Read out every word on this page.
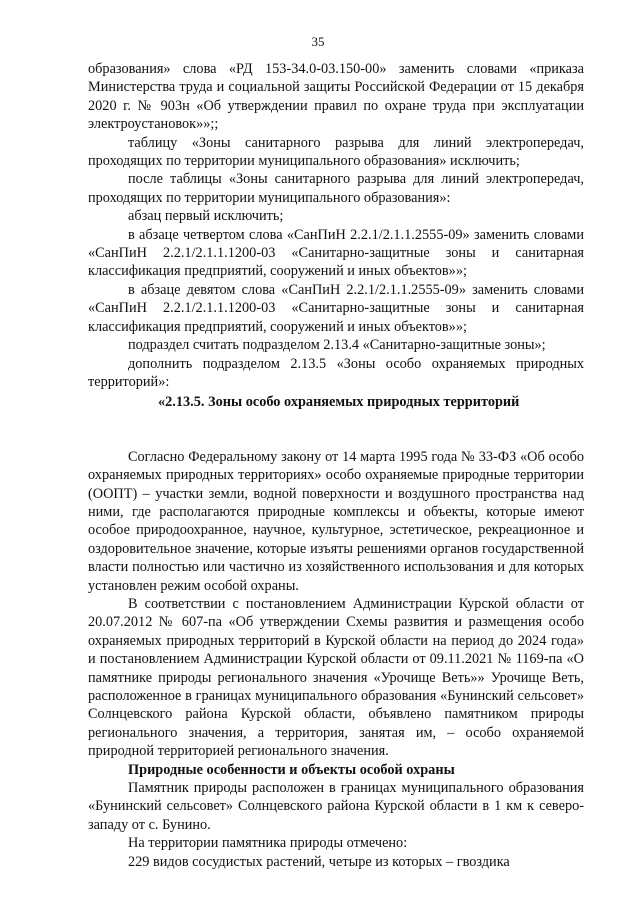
35

образования» слова «РД 153-34.0-03.150-00» заменить словами «приказа Министерства труда и социальной защиты Российской Федерации от 15 декабря 2020 г. № 903н «Об утверждении правил по охране труда при эксплуатации электроустановок»»;;

таблицу «Зоны санитарного разрыва для линий электропередач, проходящих по территории муниципального образования» исключить;

после таблицы «Зоны санитарного разрыва для линий электропередач, проходящих по территории муниципального образования»:

абзац первый исключить;

в абзаце четвертом слова «СанПиН 2.2.1/2.1.1.2555-09» заменить словами «СанПиН 2.2.1/2.1.1.1200-03 «Санитарно-защитные зоны и санитарная классификация предприятий, сооружений и иных объектов»»;

в абзаце девятом слова «СанПиН 2.2.1/2.1.1.2555-09» заменить словами «СанПиН 2.2.1/2.1.1.1200-03 «Санитарно-защитные зоны и санитарная классификация предприятий, сооружений и иных объектов»»;

подраздел считать подразделом 2.13.4 «Санитарно-защитные зоны»;

дополнить подразделом 2.13.5 «Зоны особо охраняемых природных территорий»:

«2.13.5. Зоны особо охраняемых природных территорий

Согласно Федеральному закону от 14 марта 1995 года № 33-ФЗ «Об особо охраняемых природных территориях» особо охраняемые природные территории (ООПТ) – участки земли, водной поверхности и воздушного пространства над ними, где располагаются природные комплексы и объекты, которые имеют особое природоохранное, научное, культурное, эстетическое, рекреационное и оздоровительное значение, которые изъяты решениями органов государственной власти полностью или частично из хозяйственного использования и для которых установлен режим особой охраны.

В соответствии с постановлением Администрации Курской области от 20.07.2012 № 607-па «Об утверждении Схемы развития и размещения особо охраняемых природных территорий в Курской области на период до 2024 года» и постановлением Администрации Курской области от 09.11.2021 № 1169-па «О памятнике природы регионального значения «Урочище Веть»» Урочище Веть, расположенное в границах муниципального образования «Бунинский сельсовет» Солнцевского района Курской области, объявлено памятником природы регионального значения, а территория, занятая им, – особо охраняемой природной территорией регионального значения.

Природные особенности и объекты особой охраны

Памятник природы расположен в границах муниципального образования «Бунинский сельсовет» Солнцевского района Курской области в 1 км к северо-западу от с. Бунино.

На территории памятника природы отмечено:

229 видов сосудистых растений, четыре из которых – гвоздика
